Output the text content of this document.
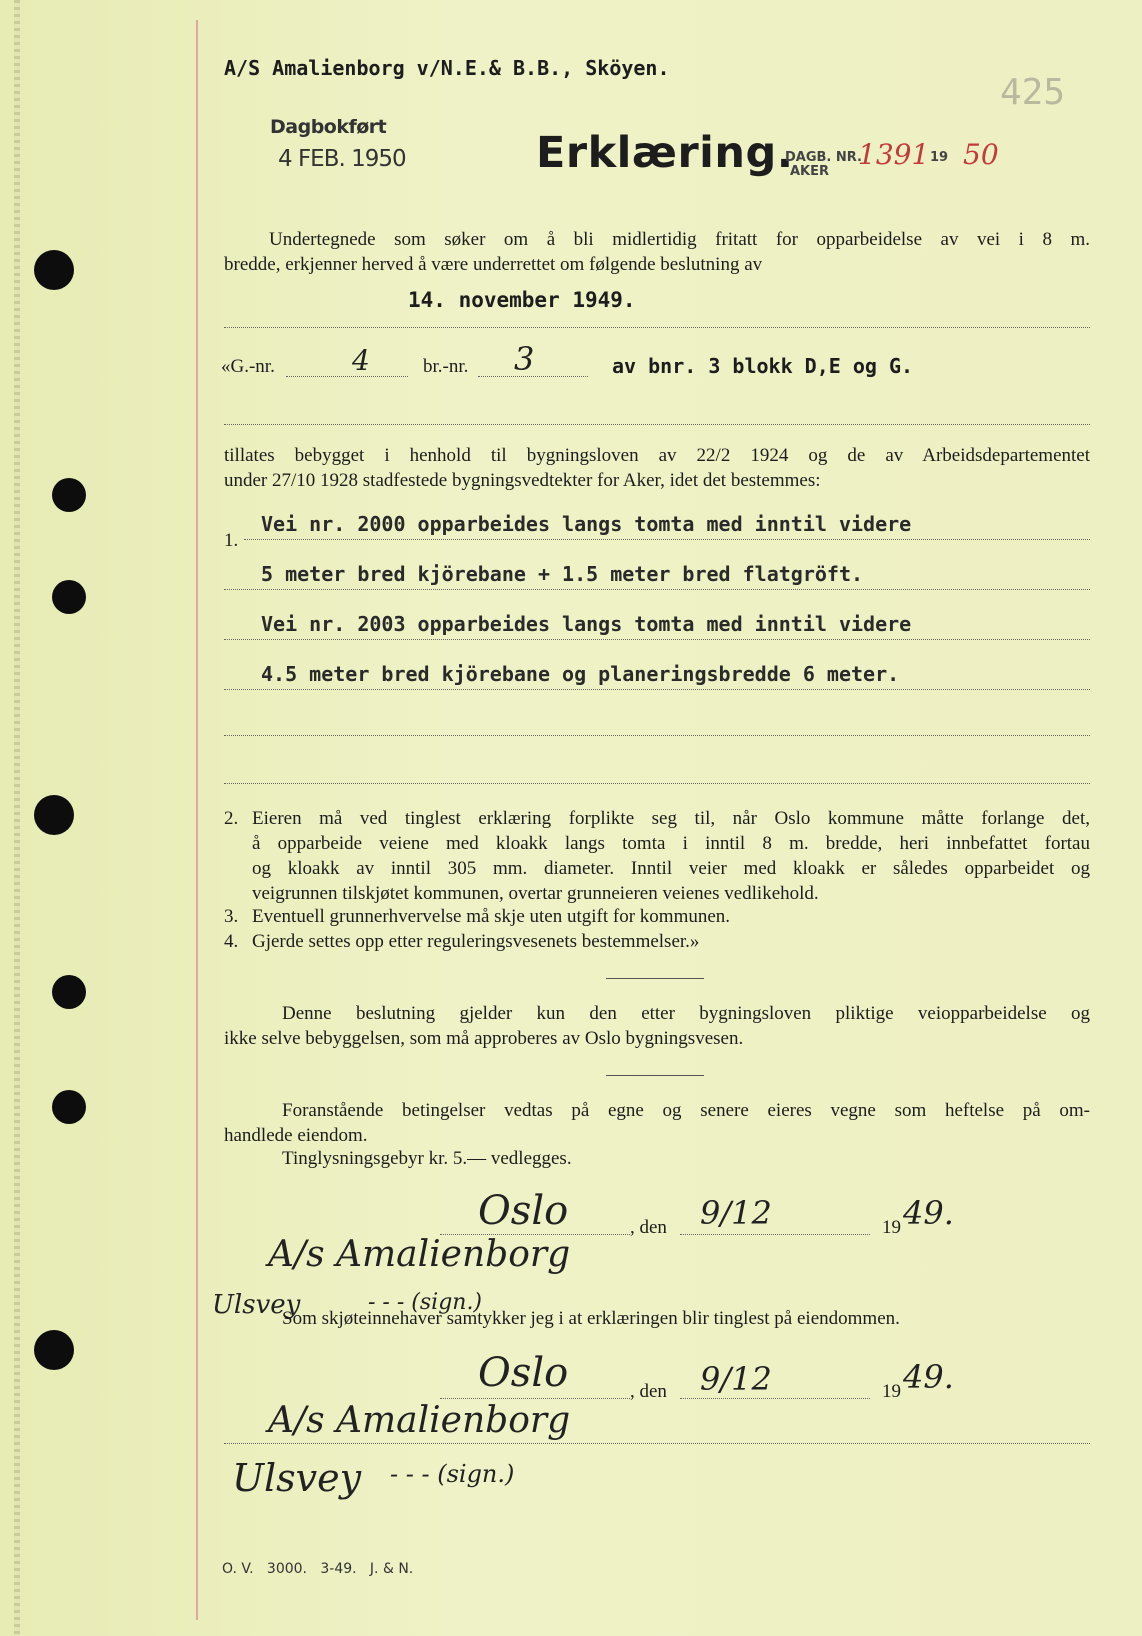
A/S Amalienborg v/N.E.& B.B., Sköyen.
425
Dagbokført
4 FEB. 1950	Erklæring.
DAGB. NR.
AKER
1391 19 50
Undertegnede som søker om å bli midlertidig fritatt for opparbeidelse av vei i 8 m.
bredde, erkjenner herved å være underrettet om følgende beslutning av
14. november 1949.
«G.-nr.	4	br.-nr. 3	av bnr. 3 blokk D,E og G.
tillates bebygget i henhold til bygningsloven av 22/2 1924 og de av Arbeidsdepartementet
under 27/10 1928 stadfestede bygningsvedtekter for Aker, idet det bestemmes:
1.
Vei nr. 2000 opparbeides langs tomta med inntil videre
5 meter bred kjörebane + 1.5 meter bred flatgröft.
Vei nr. 2003 opparbeides langs tomta med inntil videre
4.5 meter bred kjörebane og planeringsbredde 6 meter.
2. Eieren må ved tinglest erklæring forplikte seg til, når Oslo kommune måtte forlange det,
å opparbeide veiene med kloakk langs tomta i inntil 8 m. bredde, heri innbefattet fortau
og kloakk av inntil 305 mm. diameter. Inntil veier med kloakk er således opparbeidet og
veigrunnen tilskjøtet kommunen, overtar grunneieren veienes vedlikehold.
3. Eventuell grunnerhvervelse må skje uten utgift for kommunen.
4. Gjerde settes opp etter reguleringsvesenets bestemmelser.»
Denne beslutning gjelder kun den etter bygningsloven pliktige veiopparbeidelse og
ikke selve bebyggelsen, som må approberes av Oslo bygningsvesen.
Foranstående betingelser vedtas på egne og senere eieres vegne som heftelse på om-
handlede eiendom.
Tinglysningsgebyr kr. 5.— vedlegges.
Oslo	, den 9/12	19 49.
A/s Amalienborg
Ulsvey	- - - (sign.)
Som skjøteinnehaver samtykker jeg i at erklæringen blir tinglest på eiendommen.
Oslo	, den 9/12	19 49.
A/s Amalienborg
Ulsvey - - - (sign.)
O. V.   3000.   3-49.   J. & N.
